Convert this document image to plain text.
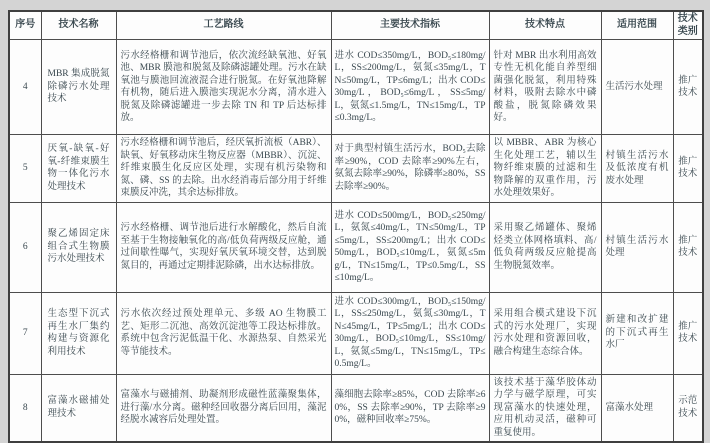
序号	技术名称	工艺路线	主要技术指标	技术特点	适用范围	技术类别
4	MBR 集成脱氮除磷污水处理技术	污水经格栅和调节池后，依次流经缺氧池、好氧池、MBR 膜池和脱氮及除磷滤罐处理。污水在缺氧池与膜池回流液混合进行脱氮。在好氧池降解有机物，随后进入膜池实现泥水分离，清水进入脱氮及除磷滤罐进一步去除 TN 和 TP 后达标排放。	进水 COD≤350mg/L，BOD₅≤180mg/L，SS≤200mg/L，氨氮≤35mg/L，TN≤50mg/L，TP≤6mg/L；出水 COD≤30mg/L，BOD₅≤6mg/L，SS≤5mg/L，氨氮≤1.5mg/L，TN≤15mg/L，TP≤0.3mg/L。	针对 MBR 出水利用高效专性无机化能自养型细菌强化脱氮，利用特殊材料，吸附去除水中磷酸盐，脱氮除磷效果好。	生活污水处理	推广技术
5	厌氧-缺氧-好氧-纤维束膜生物一体化污水处理技术	污水经格栅和调节池后，经厌氧折流板（ABR）、缺氧、好氧移动床生物反应器（MBBR）、沉淀、纤维束膜生化反应区处理，实现有机污染物和氮、磷、SS 的去除。出水经消毒后部分用于纤维束膜反冲洗，其余达标排放。	对于典型村镇生活污水，BOD₅去除率≥90%，COD 去除率≥90%左右，氨氮去除率≥90%，除磷率≥80%，SS 去除率≥90%。	以 MBBR、ABR 为核心生化处理工艺，辅以生物纤维束膜的过滤和生物降解的双重作用，污水处理效果好。	村镇生活污水及低浓度有机废水处理	推广技术
6	聚乙烯固定床组合式生物膜污水处理技术	污水经格栅、调节池后进行水解酸化，然后自流至基于生物接触氧化的高/低负荷两级反应舱，通过间歇性曝气，实现好氧厌氧环境交替，达到脱氮目的，再通过定期排泥除磷，出水达标排放。	进水 COD≤500mg/L，BOD₅≤250mg/L，氨氮≤40mg/L，TN≤50mg/L，TP≤5mg/L，SS≤200mg/L；出水 COD≤50mg/L，BOD₅≤10mg/L，氨氮≤5mg/L，TN≤15mg/L，TP≤0.5mg/L，SS≤10mg/L。	采用聚乙烯罐体、聚烯烃类立体网格填料、高/低负荷两级反应舱提高生物脱氮效率。	村镇生活污水处理	推广技术
7	生态型下沉式再生水厂集约构建与资源化利用技术	污水依次经过预处理单元、多级 AO 生物膜工艺、矩形二沉池、高效沉淀池等工段达标排放。系统中包含污泥低温干化、水源热泵、自然采光等节能技术。	进水 COD≤300mg/L，BOD₅≤150mg/L，SS≤250mg/L，氨氮≤30mg/L，TN≤45mg/L，TP≤5mg/L；出水 COD≤30mg/L，BOD₅≤10mg/L，SS≤10mg/L，氨氮≤5mg/L，TN≤15mg/L，TP≤0.5mg/L。	采用组合模式建设下沉式的污水处理厂，实现污水处理和资源回收，融合构建生态综合体。	新建和改扩建的下沉式再生水厂	推广技术
8	富藻水磁捕处理技术	富藻水与磁捕剂、助凝剂形成磁性蓝藻聚集体，进行藻/水分离。磁种经回收器分离后回用，藻泥经脱水减容后处理处置。	藻细胞去除率≥85%，COD 去除率≥60%，SS 去除率≥90%，TP 去除率≥90%，磁种回收率≥75%。	该技术基于藻华胶体动力学与磁学原理，可实现富藻水的快速处理，应用机动灵活，磁种可重复使用。	富藻水处理	示范技术
